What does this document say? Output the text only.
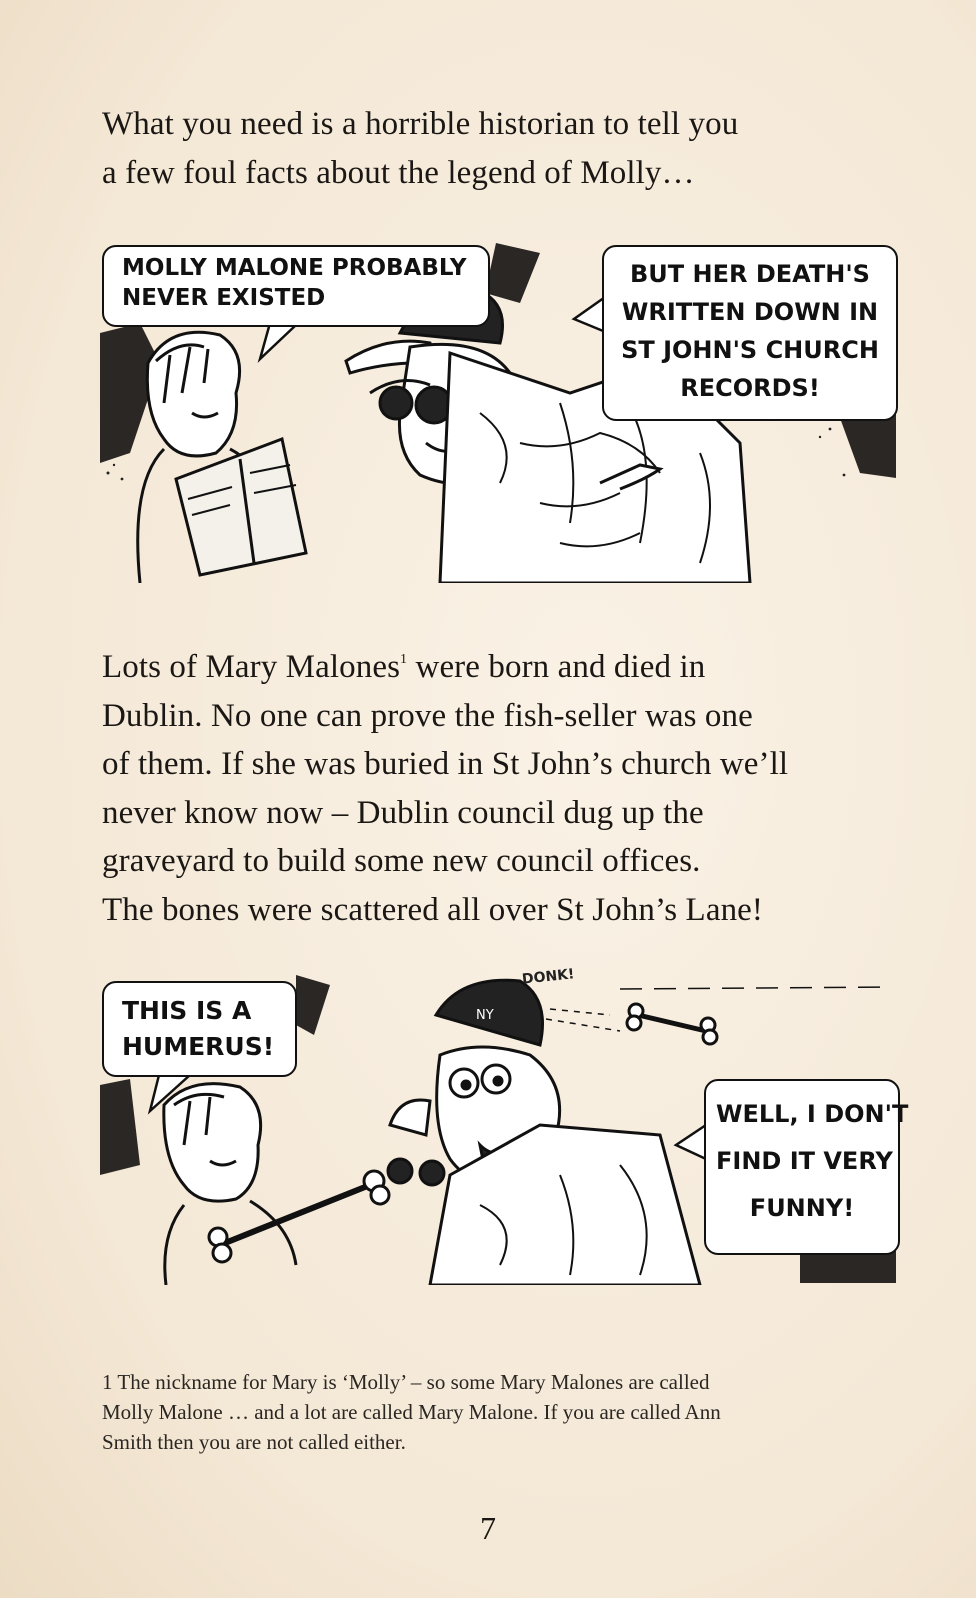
What you need is a horrible historian to tell you
a few foul facts about the legend of Molly…
MOLLY MALONE PROBABLY
NEVER EXISTED
BUT HER DEATH'S
WRITTEN DOWN IN
ST JOHN'S CHURCH
RECORDS!
Lots of Mary Malones$^1$ were born and died in
Dublin. No one can prove the fish-seller was one
of them. If she was buried in St John’s church we’ll
never know now – Dublin council dug up the
graveyard to build some new council offices.
The bones were scattered all over St John’s Lane!
NY
DONK!
THIS IS A
HUMERUS!
WELL, I DON'T
FIND IT VERY
FUNNY!
1 The nickname for Mary is ‘Molly’ – so some Mary Malones are called
Molly Malone … and a lot are called Mary Malone. If you are called Ann
Smith then you are not called either.
7
